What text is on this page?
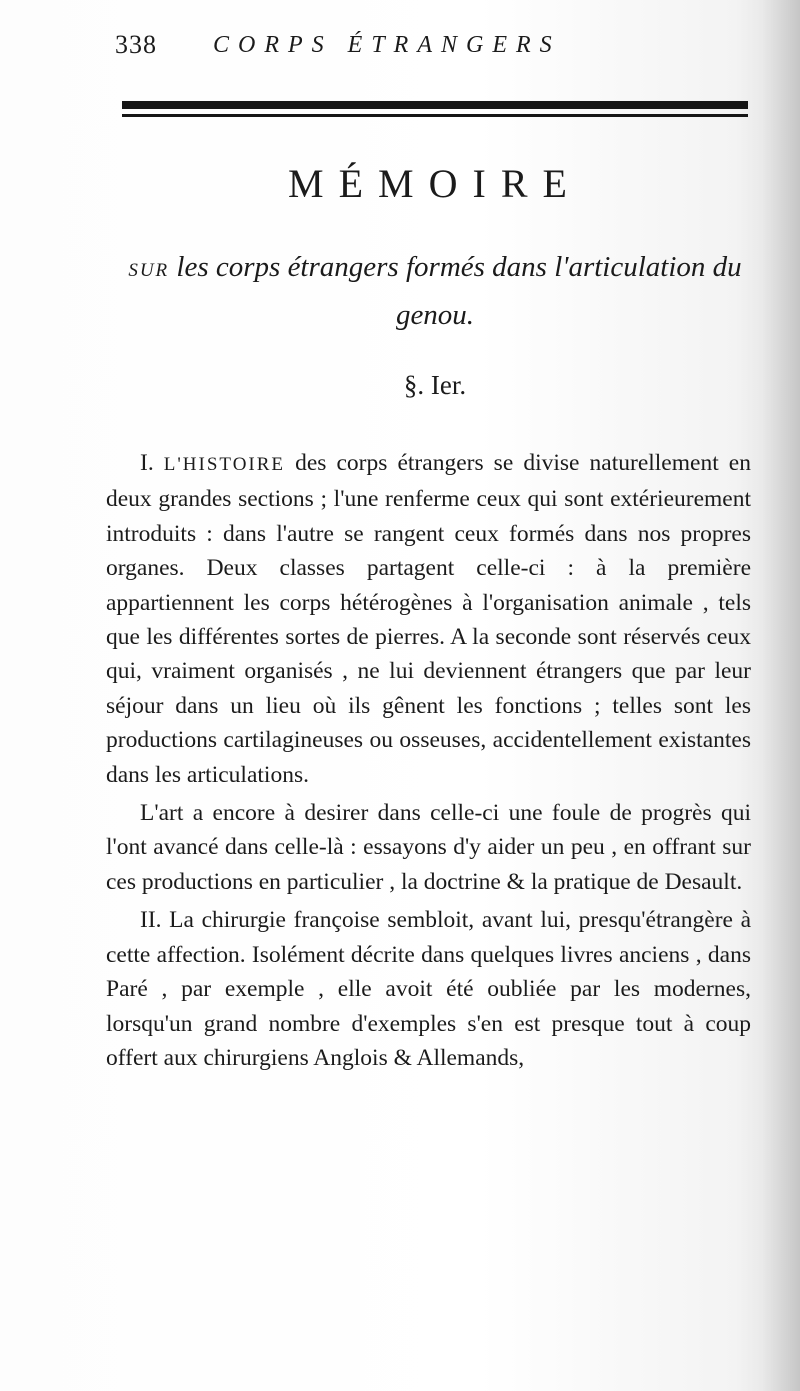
338 CORPS ÉTRANGERS
MÉMOIRE
SUR les corps étrangers formés dans l'articulation du genou.
§. Ier.

I. L'HISTOIRE des corps étrangers se divise naturellement en deux grandes sections ; l'une renferme ceux qui sont extérieurement introduits : dans l'autre se rangent ceux formés dans nos propres organes. Deux classes partagent celle-ci : à la première appartiennent les corps hétérogènes à l'organisation animale , tels que les différentes sortes de pierres. A la seconde sont réservés ceux qui, vraiment organisés , ne lui deviennent étrangers que par leur séjour dans un lieu où ils gênent les fonctions ; telles sont les productions cartilagineuses ou osseuses, accidentellement existantes dans les articulations.

L'art a encore à desirer dans celle-ci une foule de progrès qui l'ont avancé dans celle-là : essayons d'y aider un peu , en offrant sur ces productions en particulier , la doctrine & la pratique de Desault.

II. La chirurgie françoise sembloit, avant lui, presqu'étrangère à cette affection. Isolément décrite dans quelques livres anciens , dans Paré , par exemple , elle avoit été oubliée par les modernes, lorsqu'un grand nombre d'exemples s'en est presque tout à coup offert aux chirurgiens Anglois & Allemands,
